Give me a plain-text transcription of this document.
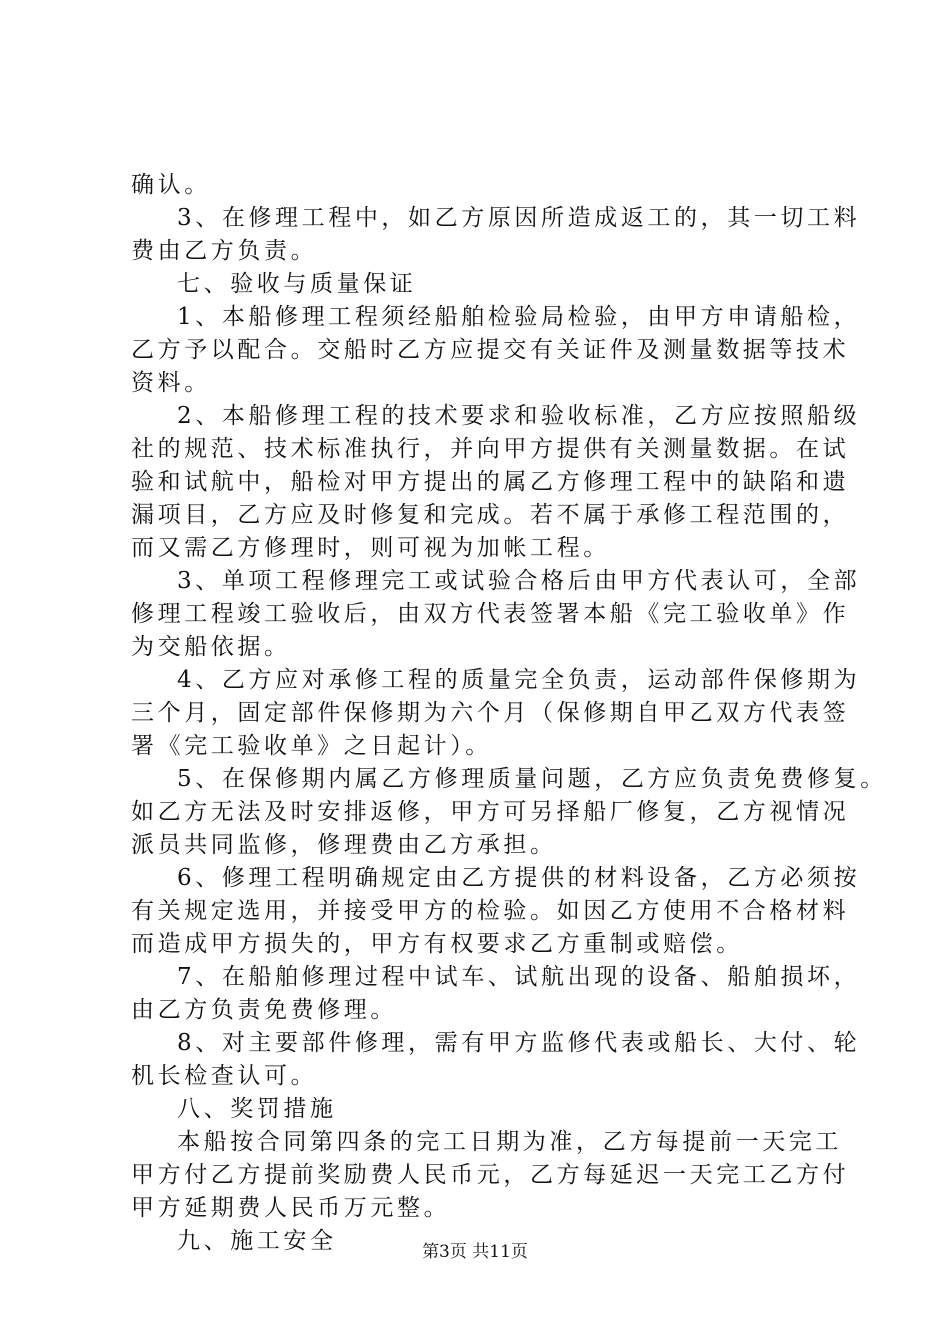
确认。
3、在修理工程中，如乙方原因所造成返工的，其一切工料
费由乙方负责。
七、验收与质量保证
1、本船修理工程须经船舶检验局检验，由甲方申请船检，
乙方予以配合。交船时乙方应提交有关证件及测量数据等技术
资料。
2、本船修理工程的技术要求和验收标准，乙方应按照船级
社的规范、技术标准执行，并向甲方提供有关测量数据。在试
验和试航中，船检对甲方提出的属乙方修理工程中的缺陷和遗
漏项目，乙方应及时修复和完成。若不属于承修工程范围的，
而又需乙方修理时，则可视为加帐工程。
3、单项工程修理完工或试验合格后由甲方代表认可，全部
修理工程竣工验收后，由双方代表签署本船《完工验收单》作
为交船依据。
4、乙方应对承修工程的质量完全负责，运动部件保修期为
三个月，固定部件保修期为六个月（保修期自甲乙双方代表签
署《完工验收单》之日起计）。
5、在保修期内属乙方修理质量问题，乙方应负责免费修复。
如乙方无法及时安排返修，甲方可另择船厂修复，乙方视情况
派员共同监修，修理费由乙方承担。
6、修理工程明确规定由乙方提供的材料设备，乙方必须按
有关规定选用，并接受甲方的检验。如因乙方使用不合格材料
而造成甲方损失的，甲方有权要求乙方重制或赔偿。
7、在船舶修理过程中试车、试航出现的设备、船舶损坏，
由乙方负责免费修理。
8、对主要部件修理，需有甲方监修代表或船长、大付、轮
机长检查认可。
八、奖罚措施
本船按合同第四条的完工日期为准，乙方每提前一天完工
甲方付乙方提前奖励费人民币元，乙方每延迟一天完工乙方付
甲方延期费人民币万元整。
九、施工安全	第3页 共11页
